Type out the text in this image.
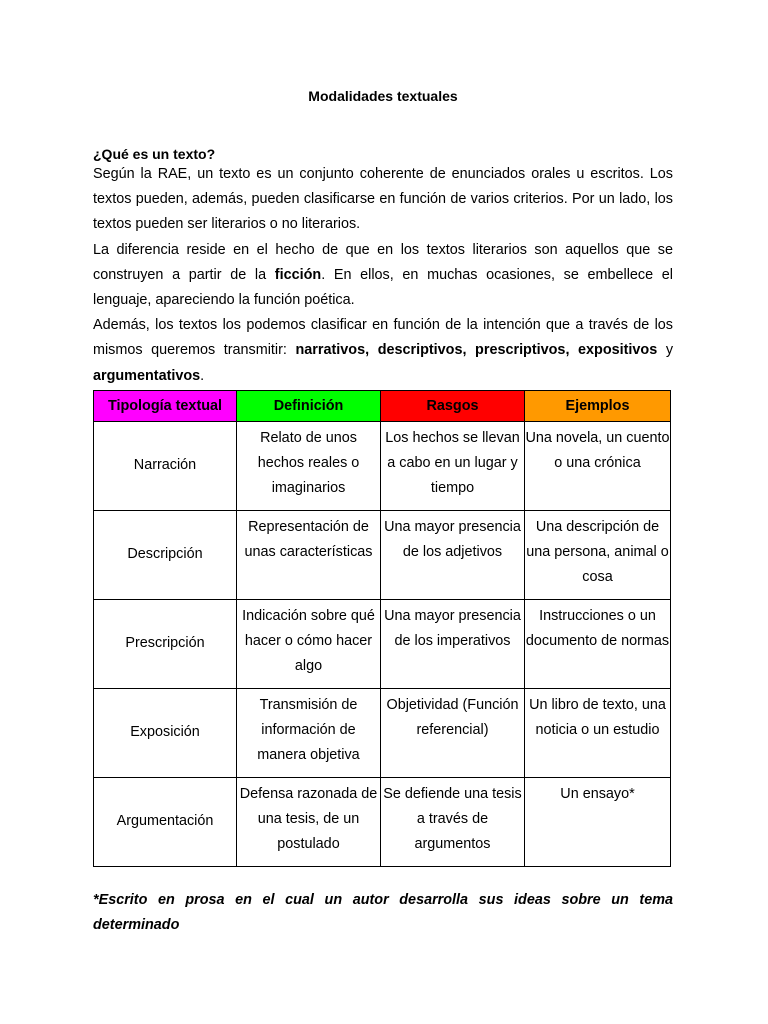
Modalidades textuales
¿Qué es un texto?

Según la RAE, un texto es un conjunto coherente de enunciados orales u escritos. Los textos pueden, además, pueden clasificarse en función de varios criterios. Por un lado, los textos pueden ser literarios o no literarios.

La diferencia reside en el hecho de que en los textos literarios son aquellos que se construyen a partir de la ficción. En ellos, en muchas ocasiones, se embellece el lenguaje, apareciendo la función poética.

Además, los textos los podemos clasificar en función de la intención que a través de los mismos queremos transmitir: narrativos, descriptivos, prescriptivos, expositivos y argumentativos.

Tipología textual	Definición	Rasgos	Ejemplos
Narración	Relato de unos hechos reales o imaginarios	Los hechos se llevan a cabo en un lugar y tiempo	Una novela, un cuento o una crónica
Descripción	Representación de unas características	Una mayor presencia de los adjetivos	Una descripción de una persona, animal o cosa
Prescripción	Indicación sobre qué hacer o cómo hacer algo	Una mayor presencia de los imperativos	Instrucciones o un documento de normas
Exposición	Transmisión de información de manera objetiva	Objetividad (Función referencial)	Un libro de texto, una noticia o un estudio
Argumentación	Defensa razonada de una tesis, de un postulado	Se defiende una tesis a través de argumentos	Un ensayo*
*Escrito en prosa en el cual un autor desarrolla sus ideas sobre un tema determinado
